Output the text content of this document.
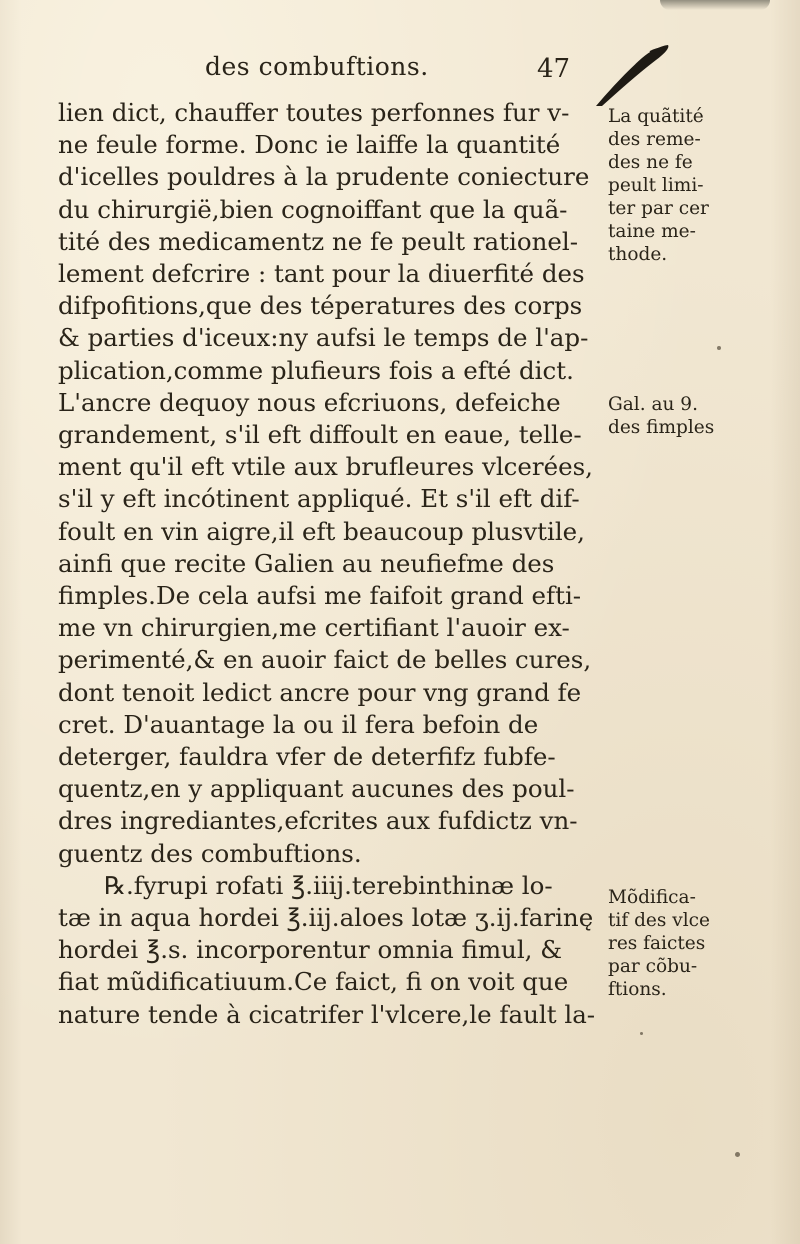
des combuftions.	47
lien dict, chauffer toutes perfonnes fur v-
ne feule forme. Donc ie laiffe la quantité
d'icelles pouldres à la prudente coniecture
du chirurgië,bien cognoiffant que la quã-
tité des medicamentz ne fe peult rationel-
lement defcrire : tant pour la diuerfité des
difpofitions,que des téperatures des corps
& parties d'iceux:ny aufsi le temps de l'ap-
plication,comme plufieurs fois a efté dict.
L'ancre dequoy nous efcriuons, defeiche
grandement, s'il eft diffoult en eaue, telle-
ment qu'il eft vtile aux brufleures vlcerées,
s'il y eft incótinent appliqué. Et s'il eft dif-
foult en vin aigre,il eft beaucoup plusvtile,
ainfi que recite Galien au neufiefme des
fimples.De cela aufsi me faifoit grand efti-
me vn chirurgien,me certifiant l'auoir ex-
perimenté,& en auoir faict de belles cures,
dont tenoit ledict ancre pour vng grand fe
cret. D'auantage la ou il fera befoin de
deterger, fauldra vfer de deterfifz fubfe-
quentz,en y appliquant aucunes des poul-
dres ingrediantes,efcrites aux fufdictz vn-
guentz des combuftions.
℞.fyrupi rofati ℥.iiij.terebinthinæ lo-
tæ in aqua hordei ℥.iij.aloes lotæ ʒ.ij.farinę
hordei ℥.s. incorporentur omnia fimul, &
fiat mũdificatiuum.Ce faict, fi on voit que
nature tende à cicatrifer l'vlcere,le fault la-
La quãtité
des reme-
des ne fe
peult limi-
ter par cer
taine me-
thode.
Gal. au 9.
des fimples
Mõdifica-
tif des vlce
res faictes
par cõbu-
ftions.
